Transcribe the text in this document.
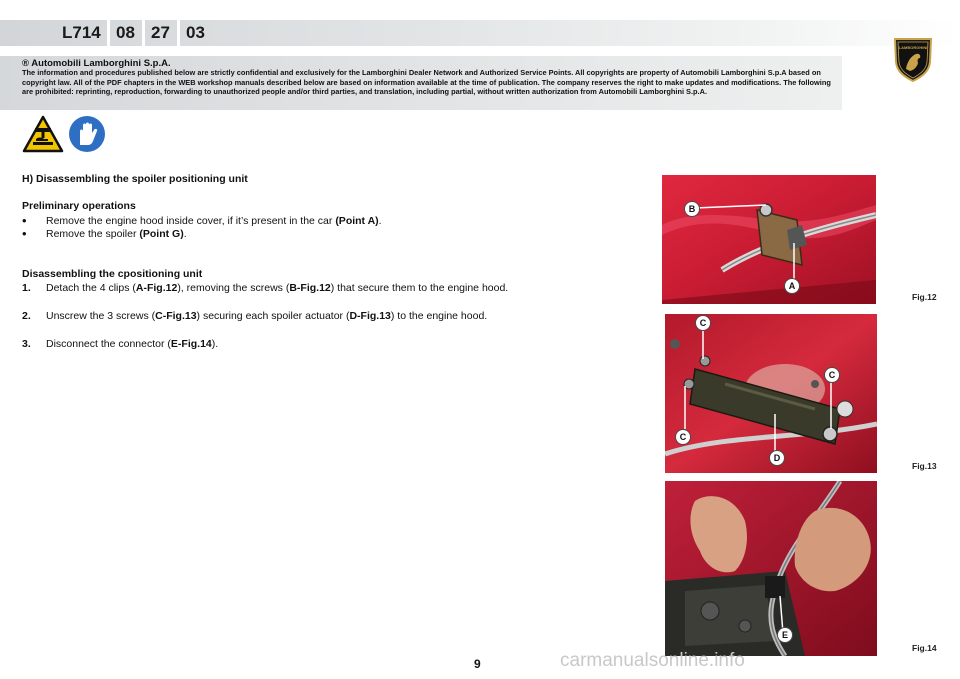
L714 08 27 03
LAMBORGHINI
® Automobili Lamborghini S.p.A.
The information and procedures published below are strictly confidential and exclusively for the Lamborghini Dealer Network and Authorized Service Points. All copyrights are property of Automobili Lamborghini S.p.A based on copyright law. All of the PDF chapters in the WEB workshop manuals described below are based on information available at the time of publication. The company reserves the right to make updates and modifications. The following are prohibited: reprinting, reproduction, forwarding to unauthorized people and/or third parties, and translation, including partial, without written authorization from Automobili Lamborghini S.p.A.
H) Disassembling the spoiler positioning unit
Preliminary operations
• Remove the engine hood inside cover, if it’s present in the car (Point A).
• Remove the spoiler (Point G).
Disassembling the cpositioning unit
1. Detach the 4 clips (A-Fig.12), removing the screws (B-Fig.12) that secure them to the engine hood.
2. Unscrew the 3 screws (C-Fig.13) securing each spoiler actuator (D-Fig.13) to the engine hood.
3. Disconnect the connector (E-Fig.14).
B
A
Fig.12
C
C
C
D
Fig.13
E
Fig.14
9	carmanualsonline.info
